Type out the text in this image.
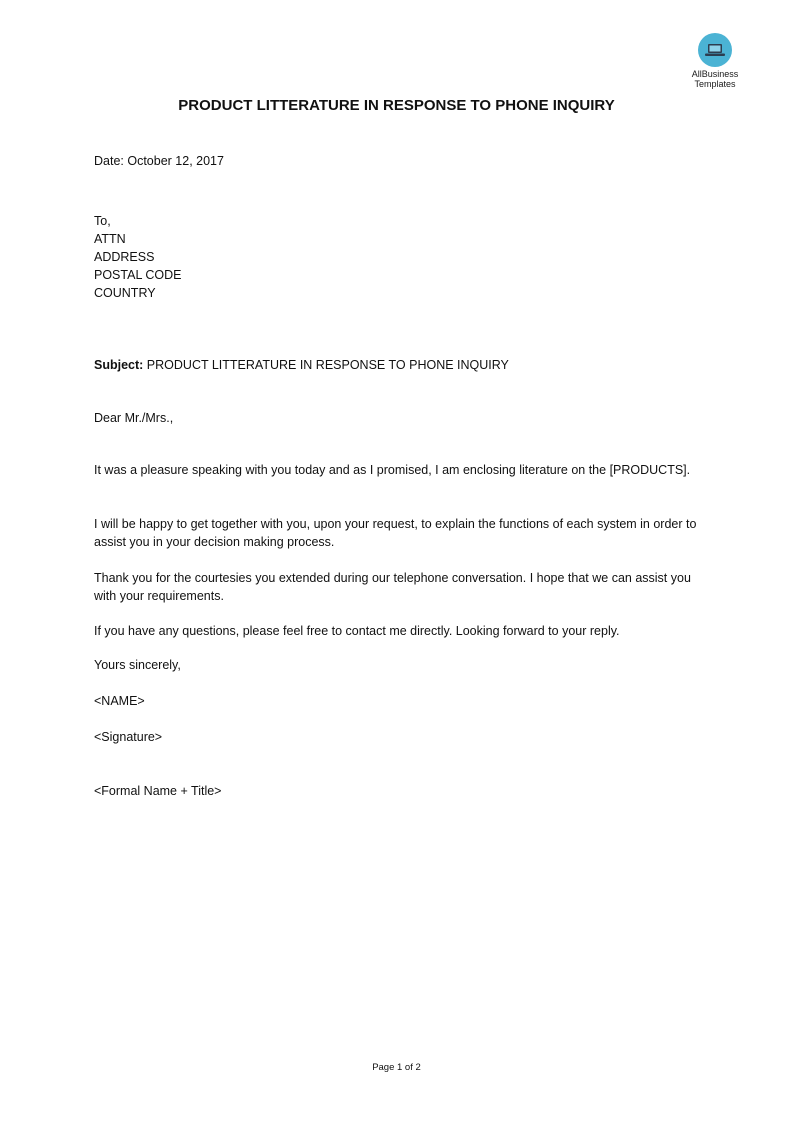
AllBusiness
Templates
PRODUCT LITTERATURE IN RESPONSE TO PHONE INQUIRY
Date: October 12, 2017
To,
ATTN
ADDRESS
POSTAL CODE
COUNTRY
Subject: PRODUCT LITTERATURE IN RESPONSE TO PHONE INQUIRY
Dear Mr./Mrs.,
It was a pleasure speaking with you today and as I promised, I am enclosing literature on the [PRODUCTS].
I will be happy to get together with you, upon your request, to explain the functions of each system in order to assist you in your decision making process.
Thank you for the courtesies you extended during our telephone conversation. I hope that we can assist you with your requirements.
If you have any questions, please feel free to contact me directly. Looking forward to your reply.
Yours sincerely,
<NAME>
<Signature>
<Formal Name + Title>
Page 1 of 2
